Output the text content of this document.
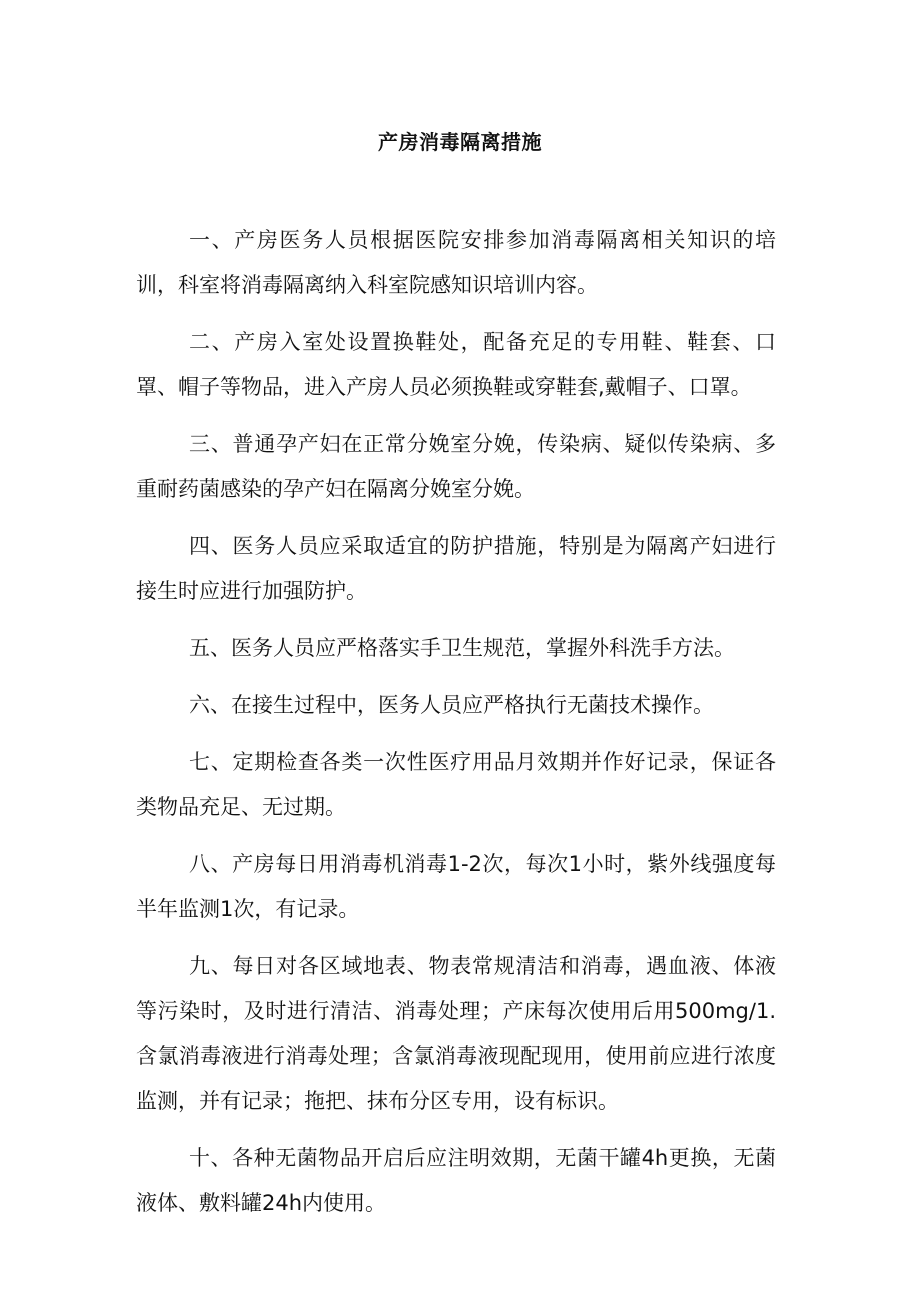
产房消毒隔离措施

一、产房医务人员根据医院安排参加消毒隔离相关知识的培训，科室将消毒隔离纳入科室院感知识培训内容。

二、产房入室处设置换鞋处，配备充足的专用鞋、鞋套、口罩、帽子等物品，进入产房人员必须换鞋或穿鞋套,戴帽子、口罩。

三、普通孕产妇在正常分娩室分娩，传染病、疑似传染病、多重耐药菌感染的孕产妇在隔离分娩室分娩。

四、医务人员应采取适宜的防护措施，特别是为隔离产妇进行接生时应进行加强防护。

五、医务人员应严格落实手卫生规范，掌握外科洗手方法。

六、在接生过程中，医务人员应严格执行无菌技术操作。

七、定期检查各类一次性医疗用品月效期并作好记录，保证各类物品充足、无过期。

八、产房每日用消毒机消毒1-2次，每次1小时，紫外线强度每半年监测1次，有记录。

九、每日对各区域地表、物表常规清洁和消毒，遇血液、体液等污染时，及时进行清洁、消毒处理；产床每次使用后用500mg∕1.含氯消毒液进行消毒处理；含氯消毒液现配现用，使用前应进行浓度监测，并有记录；拖把、抹布分区专用，设有标识。

十、各种无菌物品开启后应注明效期，无菌干罐4h更换，无菌液体、敷料罐24h内使用。
